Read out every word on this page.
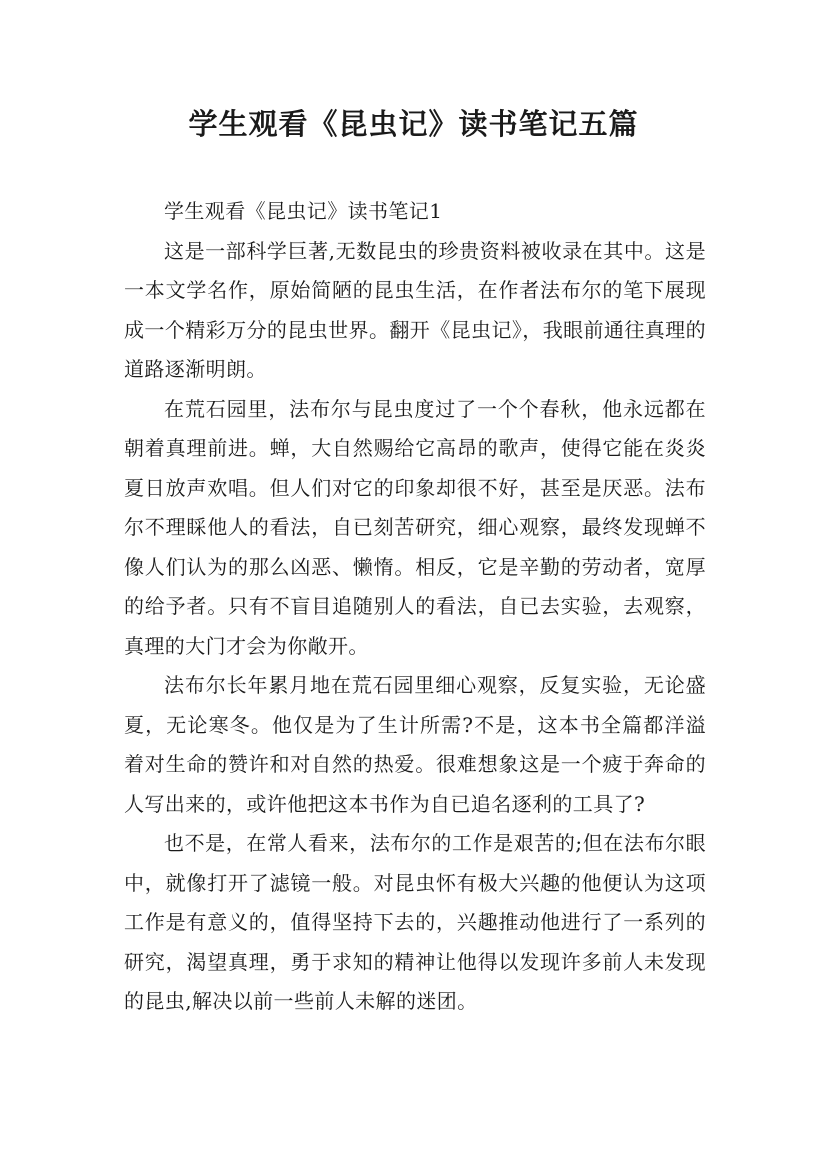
学生观看《昆虫记》读书笔记五篇

学生观看《昆虫记》读书笔记1

这是一部科学巨著,无数昆虫的珍贵资料被收录在其中。这是一本文学名作，原始简陋的昆虫生活，在作者法布尔的笔下展现成一个精彩万分的昆虫世界。翻开《昆虫记》，我眼前通往真理的道路逐渐明朗。

在荒石园里，法布尔与昆虫度过了一个个春秋，他永远都在朝着真理前进。蝉，大自然赐给它高昂的歌声，使得它能在炎炎夏日放声欢唱。但人们对它的印象却很不好，甚至是厌恶。法布尔不理睬他人的看法，自已刻苦研究，细心观察，最终发现蝉不像人们认为的那么凶恶、懒惰。相反，它是辛勤的劳动者，宽厚的给予者。只有不盲目追随别人的看法，自已去实验，去观察，真理的大门才会为你敞开。

法布尔长年累月地在荒石园里细心观察，反复实验，无论盛夏，无论寒冬。他仅是为了生计所需?不是，这本书全篇都洋溢着对生命的赞许和对自然的热爱。很难想象这是一个疲于奔命的人写出来的，或许他把这本书作为自已追名逐利的工具了?

也不是，在常人看来，法布尔的工作是艰苦的;但在法布尔眼中，就像打开了滤镜一般。对昆虫怀有极大兴趣的他便认为这项工作是有意义的，值得坚持下去的，兴趣推动他进行了一系列的研究，渴望真理，勇于求知的精神让他得以发现许多前人未发现的昆虫,解决以前一些前人未解的迷团。
